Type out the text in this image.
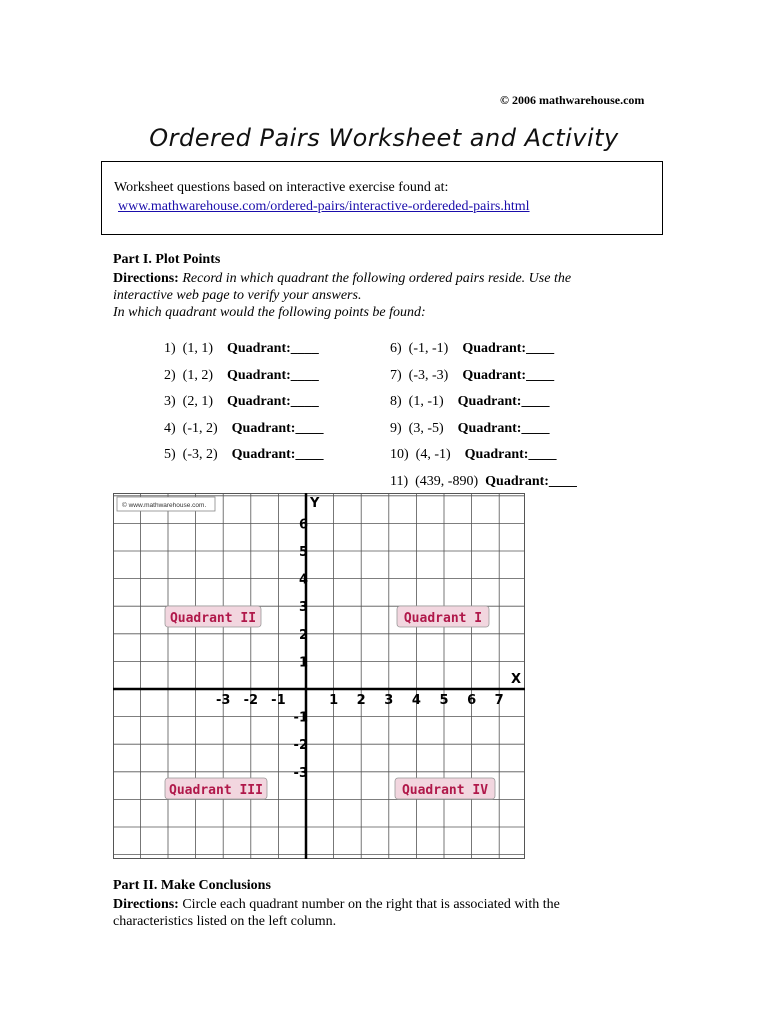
© 2006 mathwarehouse.com
Ordered Pairs Worksheet and Activity
Worksheet questions based on interactive exercise found at:
www.mathwarehouse.com/ordered-pairs/interactive-ordereded-pairs.html
Part I. Plot Points
Directions: Record in which quadrant the following ordered pairs reside. Use the interactive web page to verify your answers.
In which quadrant would the following points be found:

1)  (1, 1) Quadrant:____

2)  (1, 2) Quadrant:____

3)  (2, 1) Quadrant:____

4)  (-1, 2) Quadrant:____

5)  (-3, 2) Quadrant:____

6)  (-1, -1) Quadrant:____

7)  (-3, -3) Quadrant:____

8)  (1, -1) Quadrant:____

9)  (3, -5) Quadrant:____

10)  (4, -1) Quadrant:____

11)  (439, -890) Quadrant:____

© www.mathwarehouse.com.	Y
X
-3 -2 -1	1 2 3 4 5 6 7
6
5
4
3
2
1
-1
-2
-3
Quadrant I
Quadrant II
Quadrant III	Quadrant IV
Part II. Make Conclusions
Directions: Circle each quadrant number on the right that is associated with the characteristics listed on the left column.
